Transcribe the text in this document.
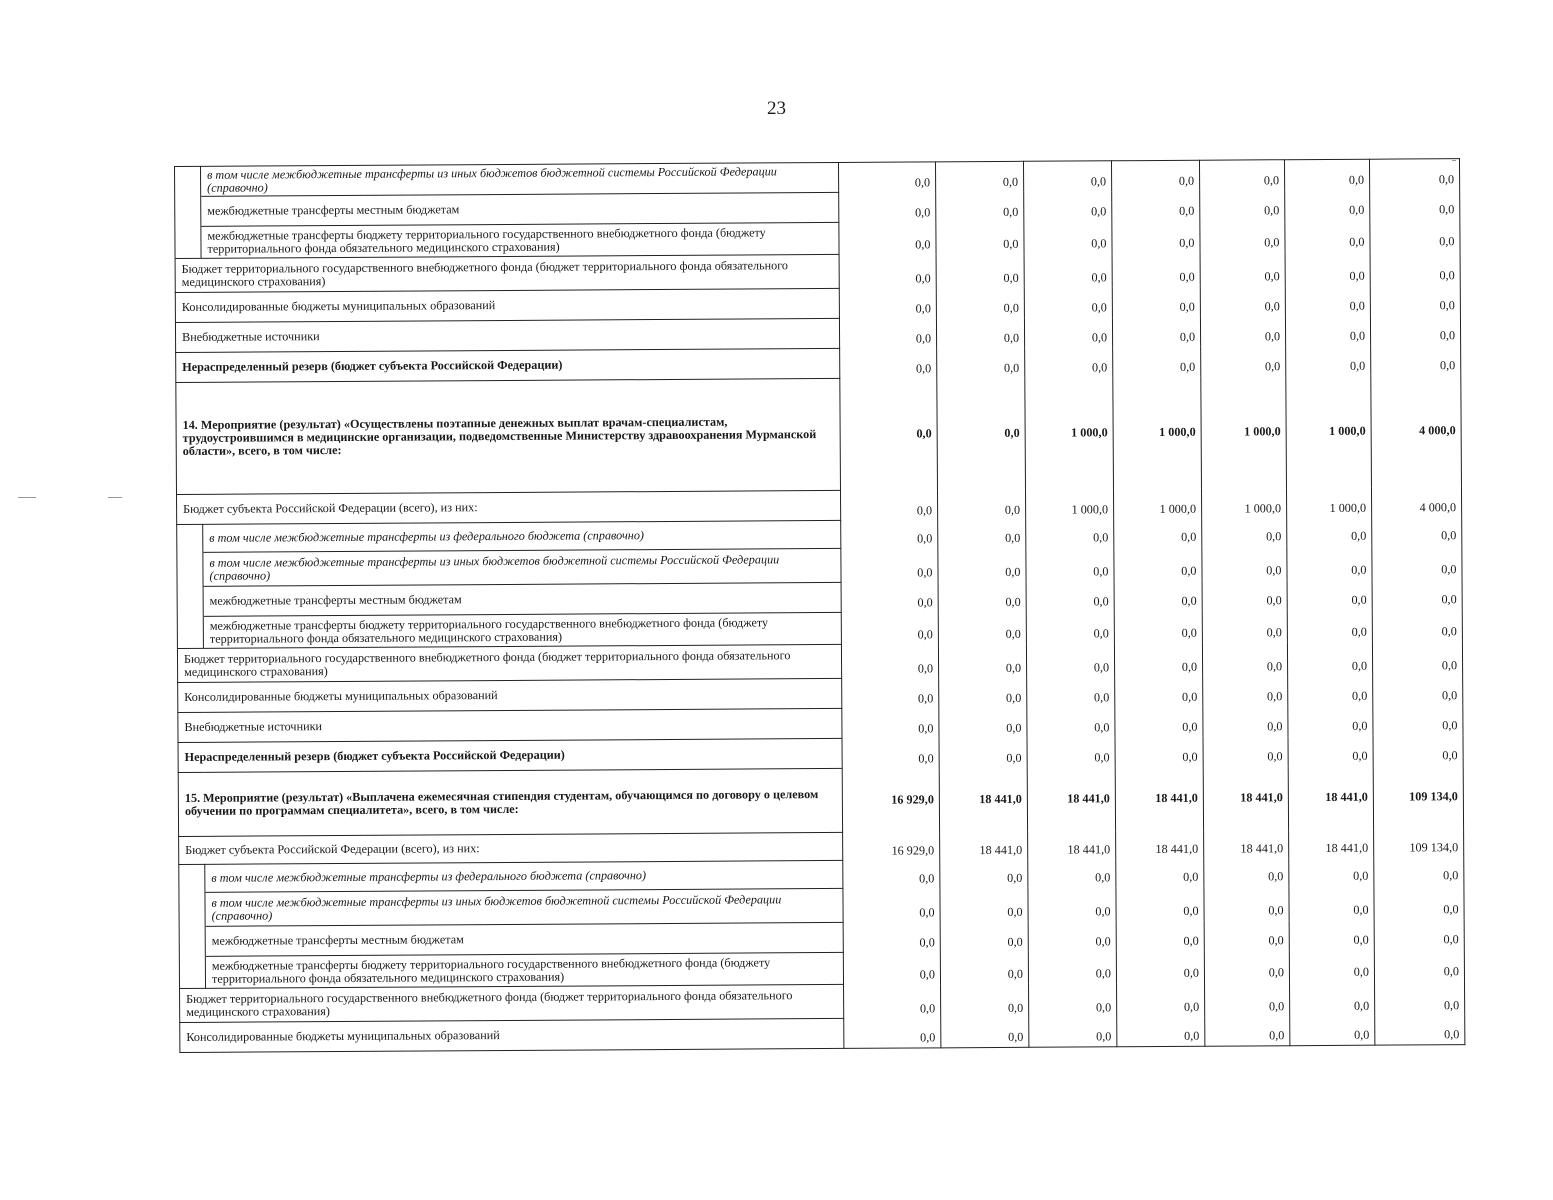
23
	в том числе межбюджетные трансферты из иных бюджетов бюджетной системы Российской Федерации (справочно)	0,0	0,0	0,0	0,0	0,0	0,0	0,0
	межбюджетные трансферты местным бюджетам	0,0	0,0	0,0	0,0	0,0	0,0	0,0
	межбюджетные трансферты бюджету территориального государственного внебюджетного фонда (бюджету территориального фонда обязательного медицинского страхования)	0,0	0,0	0,0	0,0	0,0	0,0	0,0
Бюджет территориального государственного внебюджетного фонда (бюджет территориального фонда обязательного медицинского страхования)		0,0	0,0	0,0	0,0	0,0	0,0	0,0
Консолидированные бюджеты муниципальных образований		0,0	0,0	0,0	0,0	0,0	0,0	0,0
Внебюджетные источники		0,0	0,0	0,0	0,0	0,0	0,0	0,0
Нераспределенный резерв (бюджет субъекта Российской Федерации)		0,0	0,0	0,0	0,0	0,0	0,0	0,0
14. Мероприятие (результат) «Осуществлены поэтапные денежных выплат врачам-специалистам, трудоустроившимся в медицинские организации, подведомственные Министерству здравоохранения Мурманской области», всего, в том числе:		0,0	0,0	1 000,0	1 000,0	1 000,0	1 000,0	4 000,0
Бюджет субъекта Российской Федерации (всего), из них:		0,0	0,0	1 000,0	1 000,0	1 000,0	1 000,0	4 000,0
	в том числе межбюджетные трансферты из федерального бюджета (справочно)	0,0	0,0	0,0	0,0	0,0	0,0	0,0
	в том числе межбюджетные трансферты из иных бюджетов бюджетной системы Российской Федерации (справочно)	0,0	0,0	0,0	0,0	0,0	0,0	0,0
	межбюджетные трансферты местным бюджетам	0,0	0,0	0,0	0,0	0,0	0,0	0,0
	межбюджетные трансферты бюджету территориального государственного внебюджетного фонда (бюджету территориального фонда обязательного медицинского страхования)	0,0	0,0	0,0	0,0	0,0	0,0	0,0
Бюджет территориального государственного внебюджетного фонда (бюджет территориального фонда обязательного медицинского страхования)		0,0	0,0	0,0	0,0	0,0	0,0	0,0
Консолидированные бюджеты муниципальных образований		0,0	0,0	0,0	0,0	0,0	0,0	0,0
Внебюджетные источники		0,0	0,0	0,0	0,0	0,0	0,0	0,0
Нераспределенный резерв (бюджет субъекта Российской Федерации)		0,0	0,0	0,0	0,0	0,0	0,0	0,0
15. Мероприятие (результат) «Выплачена ежемесячная стипендия студентам, обучающимся по договору о целевом обучении по программам специалитета», всего, в том числе:		16 929,0	18 441,0	18 441,0	18 441,0	18 441,0	18 441,0	109 134,0
Бюджет субъекта Российской Федерации (всего), из них:		16 929,0	18 441,0	18 441,0	18 441,0	18 441,0	18 441,0	109 134,0
	в том числе межбюджетные трансферты из федерального бюджета (справочно)	0,0	0,0	0,0	0,0	0,0	0,0	0,0
	в том числе межбюджетные трансферты из иных бюджетов бюджетной системы Российской Федерации (справочно)	0,0	0,0	0,0	0,0	0,0	0,0	0,0
	межбюджетные трансферты местным бюджетам	0,0	0,0	0,0	0,0	0,0	0,0	0,0
	межбюджетные трансферты бюджету территориального государственного внебюджетного фонда (бюджету территориального фонда обязательного медицинского страхования)	0,0	0,0	0,0	0,0	0,0	0,0	0,0
Бюджет территориального государственного внебюджетного фонда (бюджет территориального фонда обязательного медицинского страхования)		0,0	0,0	0,0	0,0	0,0	0,0	0,0
Консолидированные бюджеты муниципальных образований		0,0	0,0	0,0	0,0	0,0	0,0	0,0
